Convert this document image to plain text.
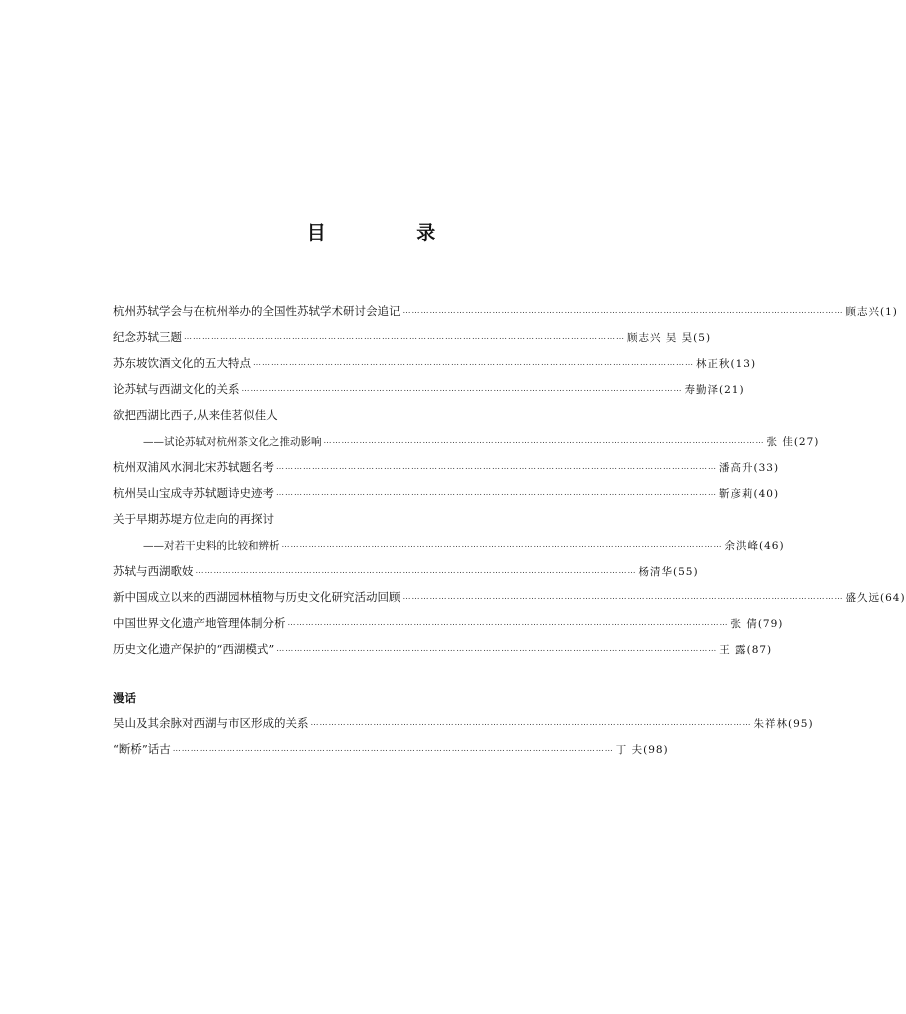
目 录
杭州苏轼学会与在杭州举办的全国性苏轼学术研讨会追记 ………………………………………………………………………………………………………………………………… 顾志兴(1)
纪念苏轼三题 ………………………………………………………………………………………………………………………………… 顾志兴 吴 昊(5)
苏东坡饮酒文化的五大特点 ………………………………………………………………………………………………………………………………… 林正秋(13)
论苏轼与西湖文化的关系 ………………………………………………………………………………………………………………………………… 寿勤泽(21)
欲把西湖比西子,从来佳茗似佳人
——试论苏轼对杭州茶文化之推动影响 ………………………………………………………………………………………………………………………………… 张 佳(27)
杭州双浦风水洞北宋苏轼题名考 ………………………………………………………………………………………………………………………………… 潘高升(33)
杭州吴山宝成寺苏轼题诗史迹考 ………………………………………………………………………………………………………………………………… 靳彦莉(40)
关于早期苏堤方位走向的再探讨
——对若干史料的比较和辨析 ………………………………………………………………………………………………………………………………… 余洪峰(46)
苏轼与西湖歌妓 ………………………………………………………………………………………………………………………………… 杨清华(55)
新中国成立以来的西湖园林植物与历史文化研究活动回顾 ………………………………………………………………………………………………………………………………… 盛久远(64)
中国世界文化遗产地管理体制分析 ………………………………………………………………………………………………………………………………… 张 倩(79)
历史文化遗产保护的“西湖模式” ………………………………………………………………………………………………………………………………… 王 露(87)
漫话
吴山及其余脉对西湖与市区形成的关系 ………………………………………………………………………………………………………………………………… 朱祥林(95)
“断桥”话古 ………………………………………………………………………………………………………………………………… 丁 夫(98)
